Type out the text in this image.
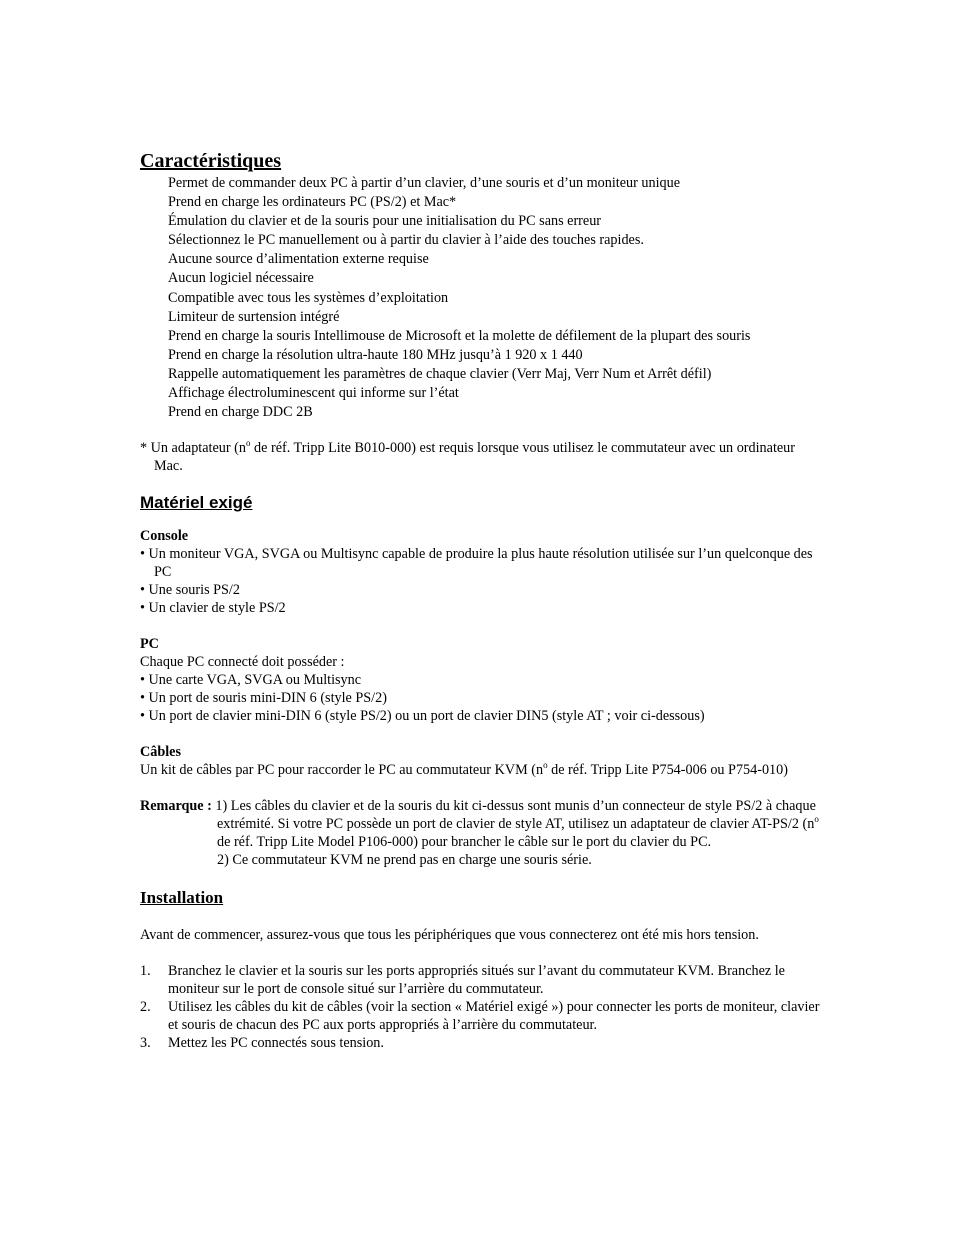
Caractéristiques
Permet de commander deux PC à partir d’un clavier, d’une souris et d’un moniteur unique
Prend en charge les ordinateurs PC (PS/2) et Mac*
Émulation du clavier et de la souris pour une initialisation du PC sans erreur
Sélectionnez le PC manuellement ou à partir du clavier à l’aide des touches rapides.
Aucune source d’alimentation externe requise
Aucun logiciel nécessaire
Compatible avec tous les systèmes d’exploitation
Limiteur de surtension intégré
Prend en charge la souris Intellimouse de Microsoft et la molette de défilement de la plupart des souris
Prend en charge la résolution ultra-haute 180 MHz jusqu’à 1 920 x 1 440
Rappelle automatiquement les paramètres de chaque clavier (Verr Maj, Verr Num et Arrêt défil)
Affichage électroluminescent qui informe sur l’état
Prend en charge DDC 2B

* Un adaptateur ($n^o$ de réf. Tripp Lite B010-000) est requis lorsque vous utilisez le commutateur avec un ordinateur Mac.

Matériel exigé

Console

• Un moniteur VGA, SVGA ou Multisync capable de produire la plus haute résolution utilisée sur l’un quelconque des PC
• Une souris PS/2
• Un clavier de style PS/2

PC

Chaque PC connecté doit posséder :

• Une carte VGA, SVGA ou Multisync
• Un port de souris mini-DIN 6 (style PS/2)
• Un port de clavier mini-DIN 6 (style PS/2) ou un port de clavier DIN5 (style AT ; voir ci-dessous)

Câbles

Un kit de câbles par PC pour raccorder le PC au commutateur KVM ($n^o$ de réf. Tripp Lite P754-006 ou P754-010)

Remarque : 1) Les câbles du clavier et de la souris du kit ci-dessus sont munis d’un connecteur de style PS/2 à chaque extrémité. Si votre PC possède un port de clavier de style AT, utilisez un adaptateur de clavier AT-PS/2 ($n^o$ de réf. Tripp Lite Model P106-000) pour brancher le câble sur le port du clavier du PC.
2) Ce commutateur KVM ne prend pas en charge une souris série.

Installation

Avant de commencer, assurez-vous que tous les périphériques que vous connecterez ont été mis hors tension.

1. Branchez le clavier et la souris sur les ports appropriés situés sur l’avant du commutateur KVM. Branchez le moniteur sur le port de console situé sur l’arrière du commutateur.
2. Utilisez les câbles du kit de câbles (voir la section « Matériel exigé ») pour connecter les ports de moniteur, clavier et souris de chacun des PC aux ports appropriés à l’arrière du commutateur.
3. Mettez les PC connectés sous tension.
